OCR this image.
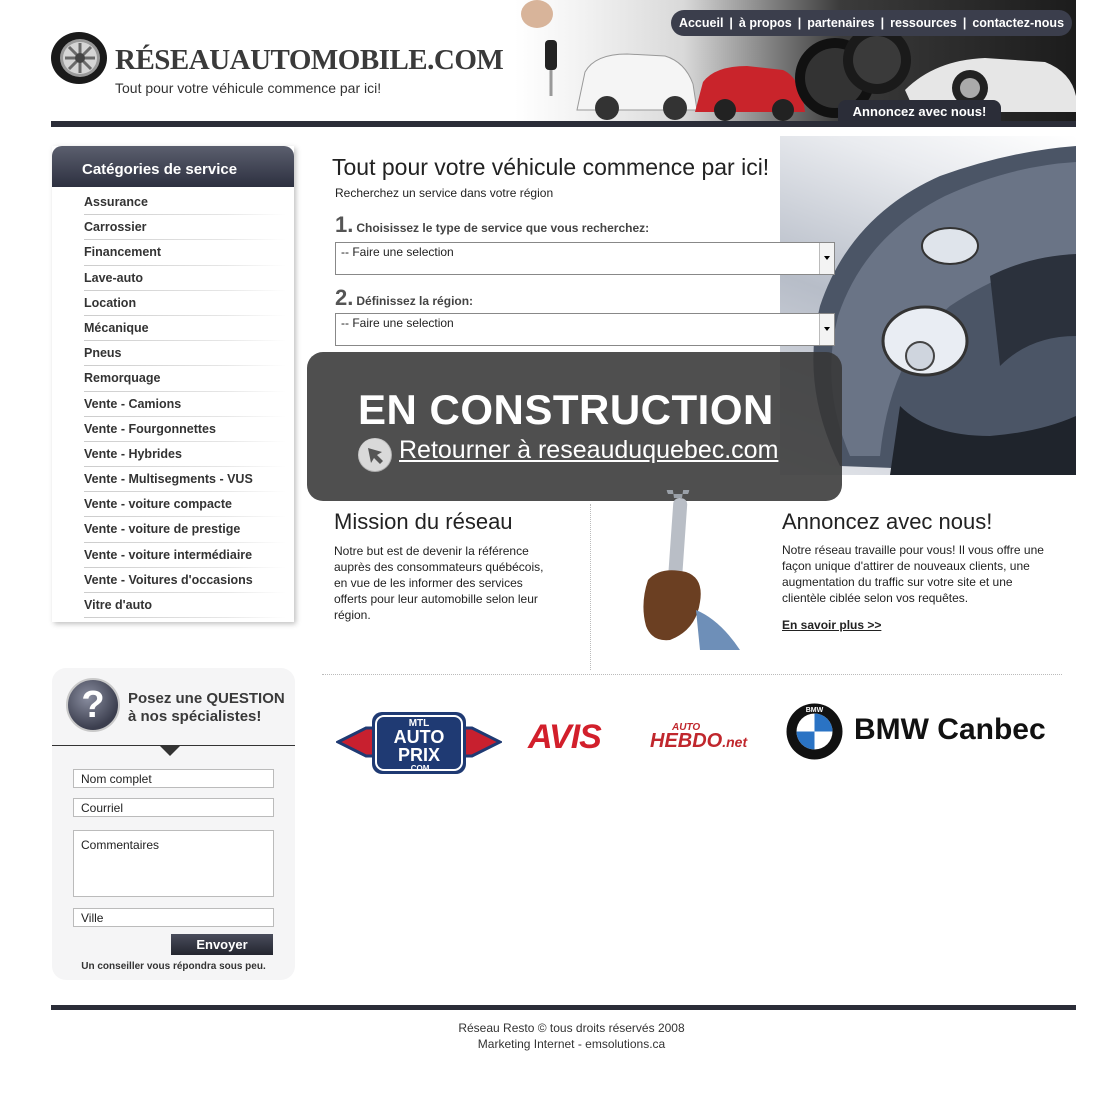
RÉSEAUAUTOMOBILE.COM
Tout pour votre véhicule commence par ici!
Accueil | à propos | partenaires | ressources | contactez-nous
Annoncez avec nous!
Catégories de service
Assurance
Carrossier
Financement
Lave-auto
Location
Mécanique
Pneus
Remorquage
Vente - Camions
Vente - Fourgonnettes
Vente - Hybrides
Vente - Multisegments - VUS
Vente - voiture compacte
Vente - voiture de prestige
Vente - voiture intermédiaire
Vente - Voitures d'occasions
Vitre d'auto
?	Posez une QUESTION
à nos spécialistes!
Nom complet
Courriel
Commentaires
Ville
Envoyer
Un conseiller vous répondra sous peu.
Tout pour votre véhicule commence par ici!
Recherchez un service dans votre région
1. Choisissez le type de service que vous recherchez:
-- Faire une selection
2. Définissez la région:
-- Faire une selection
EN CONSTRUCTION
Retourner à reseauduquebec.com
Mission du réseau
Notre but est de devenir la référence auprès des consommateurs québécois, en vue de les informer des services offerts pour leur automobille selon leur région.
Annoncez avec nous!
Notre réseau travaille pour vous! Il vous offre une façon unique d'attirer de nouveaux clients, une augmentation du traffic sur votre site et une clientèle ciblée selon vos requêtes.
En savoir plus >>
MTL
AUTO
PRIX
.COM
AVIS	AUTO
HEBDO.net
BMW
BMW Canbec
Réseau Resto © tous droits réservés 2008
Marketing Internet - emsolutions.ca
